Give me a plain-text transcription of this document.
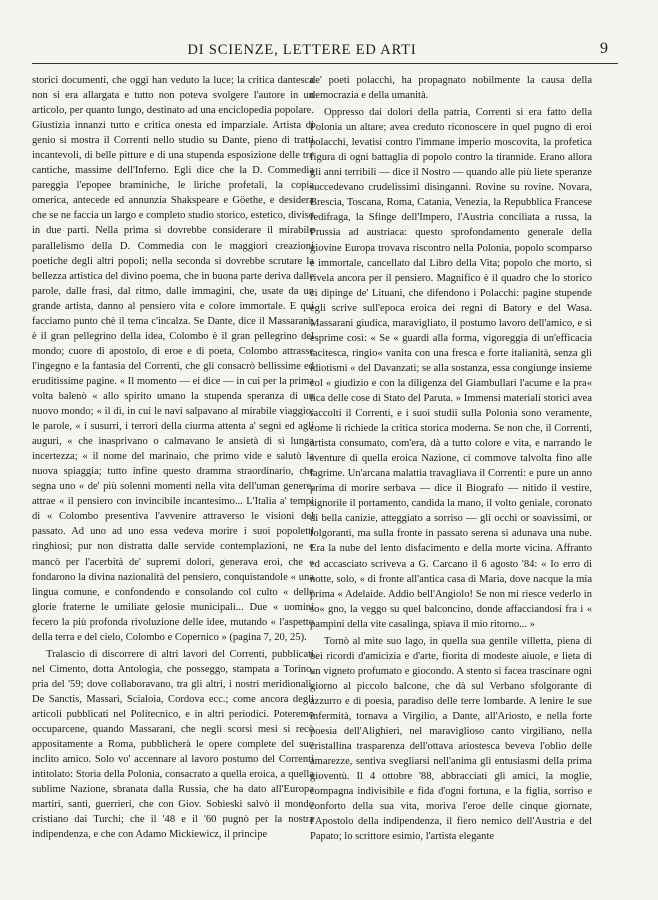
DI SCIENZE, LETTERE ED ARTI	9

storici documenti, che oggi han veduto la luce; la critica dantesca non si era allargata e tutto non poteva svolgere l'autore in un articolo, per quanto lungo, destinato ad una enciclopedia popolare. Giustizia innanzi tutto e critica onesta ed imparziale. Artista di genio si mostra il Correnti nello studio su Dante, pieno di tratti incantevoli, di belle pitture e di una stupenda esposizione delle tre cantiche, massime dell'Inferno. Egli dice che la D. Commedia pareggia l'epopee braminiche, le liriche profetali, la copia omerica, antecede ed annunzia Shakspeare e Göethe, e desidera che se ne faccia un largo e completo studio storico, estetico, diviso in due parti. Nella prima si dovrebbe considerare il mirabile parallelismo della D. Commedia con le maggiori creazioni poetiche degli altri popoli; nella seconda si dovrebbe scrutare la bellezza artistica del divino poema, che in buona parte deriva dalle parole, dalle frasi, dal ritmo, dalle immagini, che, usate da un grande artista, danno al pensiero vita e colore immortale. E qui facciamo punto chè il tema c'incalza. Se Dante, dice il Massarani, è il gran pellegrino della idea, Colombo è il gran pellegrino del mondo; cuore di apostolo, di eroe e di poeta, Colombo attrasse l'ingegno e la fantasia del Correnti, che gli consacrò bellissime ed eruditissime pagine. « Il momento — ei dice — in cui per la prima volta balenò « allo spirito umano la stupenda speranza di un nuovo mondo; « il dì, in cui le navi salpavano al mirabile viaggio; le parole, « i susurri, i terrori della ciurma attenta a' segni ed agli auguri, « che inasprivano o calmavano le ansietà di sì lunga incertezza; « il nome del marinaio, che primo vide e salutò la nuova spiaggia; tutto infine questo dramma straordinario, che segna uno « de' più solenni momenti nella vita dell'uman genere, attrae « il pensiero con invincibile incantesimo... L'Italia a' tempi di « Colombo presentiva l'avvenire attraverso le visioni del passato. Ad uno ad uno essa vedeva morire i suoi popoletti ringhiosi; pur non distratta dalle servide contemplazioni, ne « mancò per l'acerbità de' supremi dolori, generava eroi, che « fondarono la divina nazionalità del pensiero, conquistandole « una lingua comune, e confondendo e consolando col culto « delle glorie fraterne le umiliate gelosie municipali... Due « uomini fecero la più profonda rivoluzione delle idee, mutando « l'aspetto della terra e del cielo, Colombo e Copernico » (pagina 7, 20, 25).

Tralascio di discorrere di altri lavori del Correnti, pubblicati nel Cimento, dotta Antologia, che posseggo, stampata a Torino, pria del '59; dove collaboravano, tra gli altri, i nostri meridionali, De Sanctis, Massari, Scialoia, Cordova ecc.; come ancora degli articoli pubblicati nel Politecnico, e in altri periodici. Poteremo occuparcene, quando Massarani, che negli scorsi mesi si recò appositamente a Roma, pubblicherà le opere complete del suo inclito amico. Solo vo' accennare al lavoro postumo del Correnti intitolato: Storia della Polonia, consacrato a quella eroica, a quella sublime Nazione, sbranata dalla Russia, che ha dato all'Europa martiri, santi, guerrieri, che con Giov. Sobieski salvò il mondo cristiano dai Turchi; che il '48 e il '60 pugnò per la nostra indipendenza, e che con Adamo Mickiewicz, il principe

de' poeti polacchi, ha propagnato nobilmente la causa della democrazia e della umanità.

Oppresso dai dolori della patria, Correnti si era fatto della Polonia un altare; avea creduto riconoscere in quel pugno di eroi polacchi, levatisi contro l'immane imperio moscovita, la profetica figura di ogni battaglia di popolo contro la tirannide. Erano allora gli anni terribili — dice il Nostro — quando alle più liete speranze succedevano crudelissimi disinganni. Rovine su rovine. Novara, Brescia, Toscana, Roma, Catania, Venezia, la Repubblica Francese fedifraga, la Sfinge dell'Impero, l'Austria conciliata a russa, la Prussia ad austriaca: questo sprofondamento generale della giovine Europa trovava riscontro nella Polonia, popolo scomparso e immortale, cancellato dal Libro della Vita; popolo che morto, si rivela ancora per il pensiero. Magnifico è il quadro che lo storico ci dipinge de' Lituani, che difendono i Polacchi: pagine stupende egli scrive sull'epoca eroica dei regni di Batory e del Wasa. Massarani giudica, maravigliato, il postumo lavoro dell'amico, e si esprime così: « Se « guardi alla forma, vigoreggia di un'efficacia tacitesca, ringio« vanita con una fresca e forte italianità, senza gli idiotismi « del Davanzati; se alla sostanza, essa congiunge insieme col « giudizio e con la diligenza del Giambullari l'acume e la pra« tica delle cose di Stato del Paruta. » Immensi materiali storici avea raccolti il Correnti, e i suoi studii sulla Polonia sono veramente, come li richiede la critica storica moderna. Se non che, il Correnti, artista consumato, com'era, dà a tutto colore e vita, e narrando le sventure di quella eroica Nazione, ci commove talvolta fino alle lagrime. Un'arcana malattia travagliava il Correnti: e pure un anno prima di morire serbava — dice il Biografo — nitido il vestire, signorile il portamento, candida la mano, il volto geniale, coronato di bella canizie, atteggiato a sorriso — gli occhi or soavissimi, or folgoranti, ma sulla fronte in passato serena si adunava una nube. Era la nube del lento disfacimento e della morte vicina. Affranto ed accasciato scriveva a G. Carcano il 6 agosto '84: « Io erro di notte, solo, « di fronte all'antica casa di Maria, dove nacque la mia prima « Adelaide. Addio bell'Angiolo! Se non mi riesce vederlo in so« gno, la veggo su quel balconcino, donde affacciandosi fra i « pampini della vite casalinga, spiava il mio ritorno... »

Tornò al mite suo lago, in quella sua gentile villetta, piena di bei ricordi d'amicizia e d'arte, fiorita di modeste aiuole, e lieta di un vigneto profumato e giocondo. A stento si facea trascinare ogni giorno al piccolo balcone, che dà sul Verbano sfolgorante di azzurro e di poesia, paradiso delle terre lombarde. A lenire le sue infermità, tornava a Virgilio, a Dante, all'Ariosto, e nella forte poesia dell'Alighieri, nel maraviglioso canto virgiliano, nella cristallina trasparenza dell'ottava ariostesca beveva l'oblio delle amarezze, sentiva svegliarsi nell'anima gli entusiasmi della prima gioventù. Il 4 ottobre '88, abbracciati gli amici, la moglie, compagna indivisibile e fida d'ogni fortuna, e la figlia, sorriso e conforto della sua vita, moriva l'eroe delle cinque giornate, l'Apostolo della indipendenza, il fiero nemico dell'Austria e del Papato; lo scrittore esimio, l'artista elegante
